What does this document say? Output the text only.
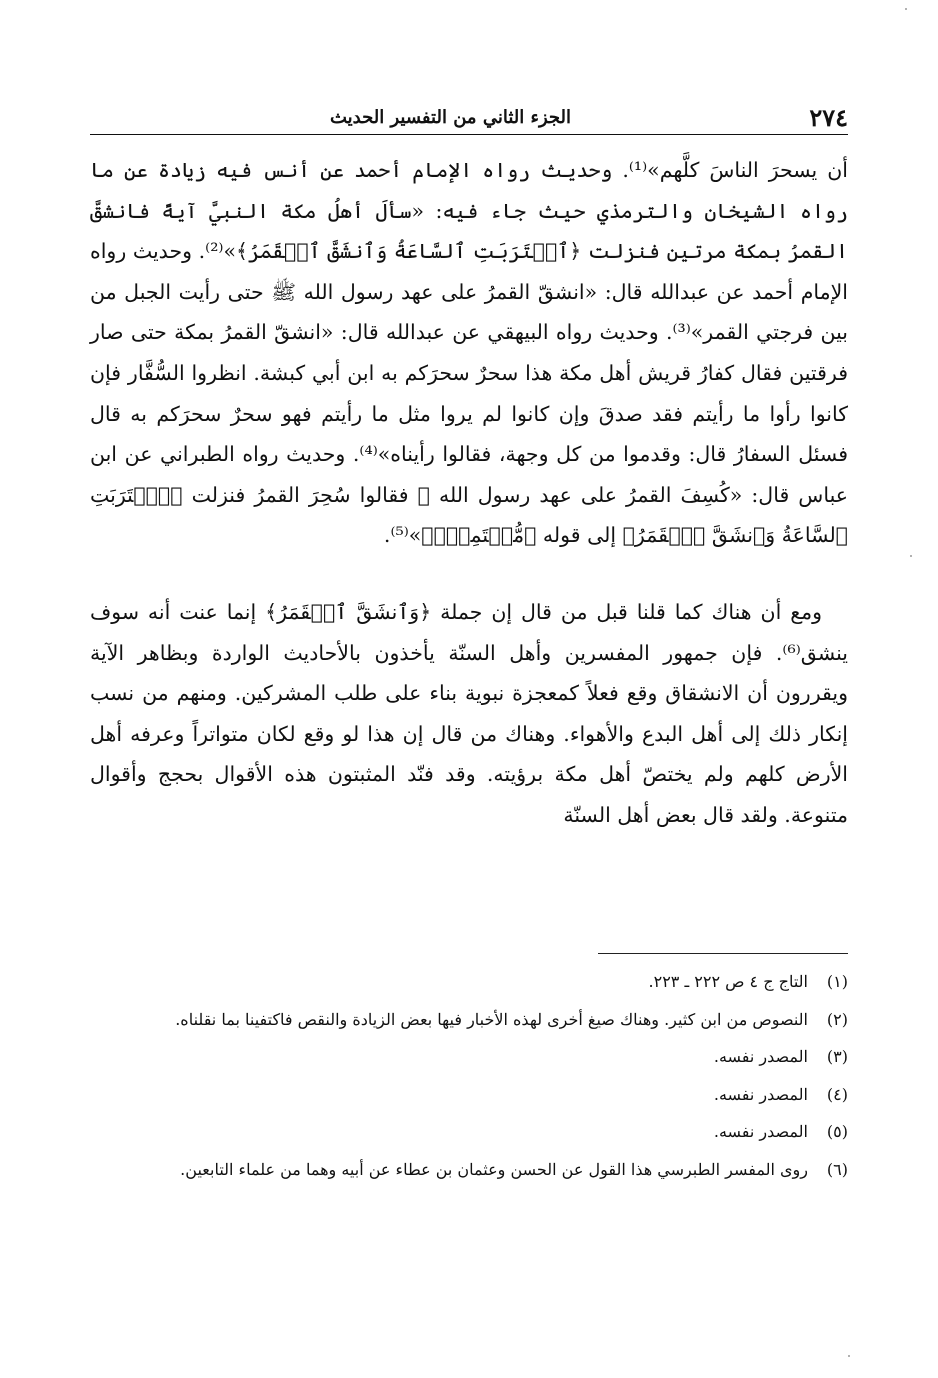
٢٧٤
الجزء الثاني من التفسير الحديث

أن يسحرَ الناسَ كلَّهم»⁽¹⁾. وحديث رواه الإمام أحمد عن أنس فيه زيادة عن ما رواه الشيخان والترمذي حيث جاء فيه: «سألَ أهلُ مكة النبيَّ آيةً فانشقَّ القمرُ بمكة مرتين فنزلت ﴿ٱقۡتَرَبَتِ ٱلسَّاعَةُ وَٱنشَقَّ ٱلۡقَمَرُ﴾»⁽²⁾. وحديث رواه الإمام أحمد عن عبدالله قال: «انشقّ القمرُ على عهد رسول الله ﷺ حتى رأيت الجبل من بين فرجتي القمر»⁽³⁾. وحديث رواه البيهقي عن عبدالله قال: «انشقّ القمرُ بمكة حتى صار فرقتين فقال كفارُ قريش أهل مكة هذا سحرٌ سحرَكم به ابن أبي كبشة. انظروا السُّفَّار فإن كانوا رأوا ما رأيتم فقد صدقَ وإن كانوا لم يروا مثل ما رأيتم فهو سحرٌ سحرَكم به قال فسئل السفارُ قال: وقدموا من كل وجهة، فقالوا رأيناه»⁽⁴⁾. وحديث رواه الطبراني عن ابن عباس قال: «كُسِفَ القمرُ على عهد رسول الله ﷺ فقالوا سُحِرَ القمرُ فنزلت ﴿ٱقۡتَرَبَتِ ٱلسَّاعَةُ وَٱنشَقَّ ٱلۡقَمَرُ﴾ إلى قوله ﴿مُّسۡتَمِرّٞ﴾»⁽⁵⁾.

ومع أن هناك كما قلنا قبل من قال إن جملة ﴿وَٱنشَقَّ ٱلۡقَمَرُ﴾ إنما عنت أنه سوف ينشق⁽⁶⁾. فإن جمهور المفسرين وأهل السنّة يأخذون بالأحاديث الواردة وبظاهر الآية ويقررون أن الانشقاق وقع فعلاً كمعجزة نبوية بناء على طلب المشركين. ومنهم من نسب إنكار ذلك إلى أهل البدع والأهواء. وهناك من قال إن هذا لو وقع لكان متواتراً وعرفه أهل الأرض كلهم ولم يختصّ أهل مكة برؤيته. وقد فنّد المثبتون هذه الأقوال بحجج وأقوال متنوعة. ولقد قال بعض أهل السنّة

(١)
التاج ج ٤ ص ٢٢٢ ـ ٢٢٣.
(٢)
النصوص من ابن كثير. وهناك صيغ أخرى لهذه الأخبار فيها بعض الزيادة والنقص فاكتفينا بما نقلناه.
(٣)
المصدر نفسه.
(٤)
المصدر نفسه.
(٥)
المصدر نفسه.
(٦)
روى المفسر الطبرسي هذا القول عن الحسن وعثمان بن عطاء عن أبيه وهما من علماء التابعين.
